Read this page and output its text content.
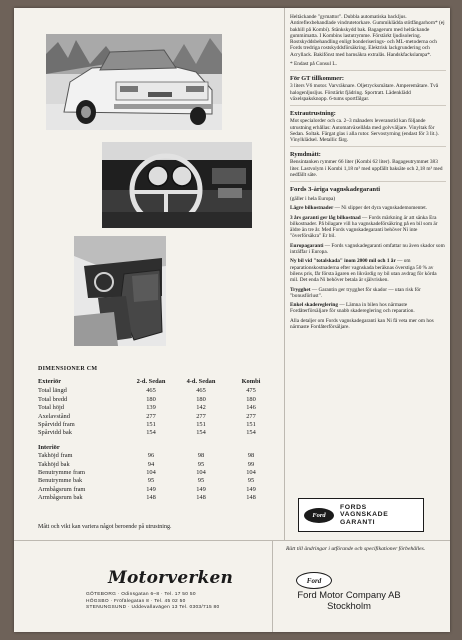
DIMENSIONER CM
Exteriör	2-d. Sedan	4-d. Sedan	Kombi
Total längd	465	465	475
Total bredd	180	180	180
Total höjd	139	142	146
Axelavstånd	277	277	277
Spårvidd fram	151	151	151
Spårvidd bak	154	154	154
Interiör
Takhöjd fram	96	98	98
Takhöjd bak	94	95	99
Benutrymme fram	104	104	104
Benutrymme bak	95	95	95
Armbågsrum fram	149	149	149
Armbågsrum bak	148	148	148
Mått och vikt kan variera något beroende på utrustning.

Heltäckande "gymattor". Dubbla automatiska backljus. Antireflexbehandlade vindrutetorkare. Gummiklädda stötfångarhorn* (ej bakhill på Kombi). Stänkskydd bak. Bagagerum med heltäckande gummimatta. I Kombins lastutrymme. Förstärkt ljudisolering. Rostskyddsbehandling enligt bonderiserings- och ML-metoderna och Fords tredriga rostskyddsförsäkring. Elektrisk lackgrundering och Acryllack. Bakifönst med barnsäkra extralås. Handskfackslampa*.

* Endast på Consul L.

För GT tillkommer:

3 liters V6 motor. Varvräknare. Oljetrycksmätare. Amperemätare. Två halogenljusljus. Förstärkt fjädring. Sportratt. Lädenklädd växelspaksknopp. 6-tums sportfälgar.

Extrautrustning:

Mot specialorder och ca. 2–3 månaders leveranstid kan följande utrustning erhållas: Automatväxellåda med golvväljare. Vinyltak för Sedan. Soltak. Färgat glas i alla rutor. Servostyrning (endast för 3 lit.). Vinylklädsel. Metallic färg.

Rymdmått:

Bensintanken rymmer 66 liter (Kombi 62 liter). Bagageutrymmet 383 liter. Lastvolym i Kombi 1,18 m³ med uppfällt baksäte och 2,18 m³ med nedfällt säte.

Fords 3-åriga vagnskadegaranti

(gäller i hela Europa)

Lägre bilkostnader — Ni slipper det dyra vagnskademomentet.

3 års garanti ger låg bilkostnad — Fords märkning är att sänka Era bilkostnader. På bilagare vill ha vagnskadeförsäkring på en bil som är äldre än tre år. Med Fords vagnskadegaranti behöver Ni inte "överförsäkra" Er bil.

Europagaranti — Fords vagnskadegaranti omfattar nu även skador som inträffar i Europa.

Ny bil vid "totalskada" inom 2000 mil och 1 år — om reparationskostnaderna efter vagnskada beräknas överstiga 50 % av bilens pris, får första ägaren en likvärdig ny bil utan avdrag för körda mil. Det enda Ni behöver betala är självrisken.

Trygghet — Garantin ger trygghet för skador — utan risk för "bonusförlust".

Enkel skadereglering — Lämna in bilen hos närmaste Fordåterförsäljare för snabb skadereglering och reparation.

Alla detaljer om Fords vagnskadegaranti kan Ni få veta mer om hos närmaste Fordåterförsäljare.

Ford
FORDS
VAGNSKADE
GARANTI
Motorverken
GÖTEBORG · Odinsgatan 6–8 · Tel. 17 50 50
HÖGSBO · Fröfälegatan 8 · Tel. 45 02 50
STENUNGSUND · Uddevallavägen 13 Tel. 0303/715 80
Rätt till ändringar i utförande och specifikationer förbehålles.
Ford
Ford Motor Company AB
Stockholm
